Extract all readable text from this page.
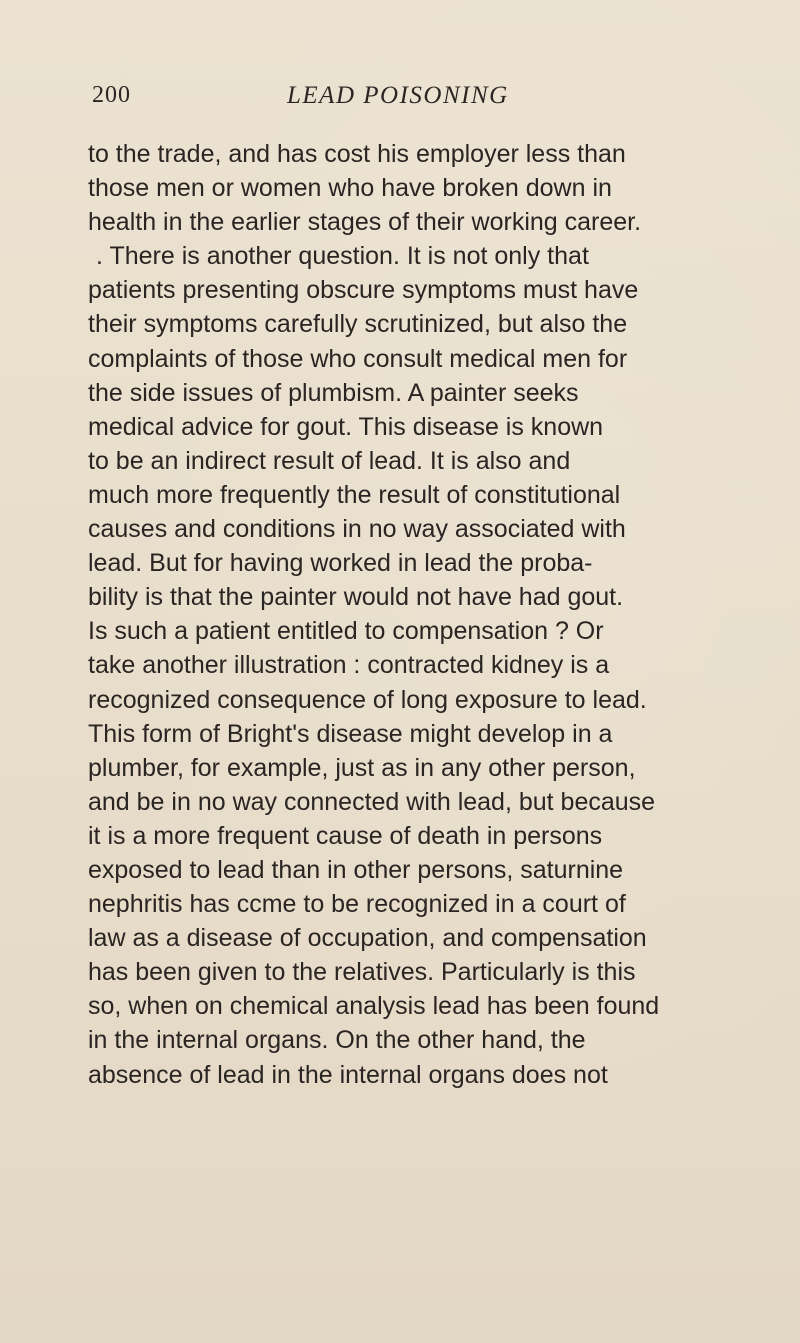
200	LEAD POISONING
to the trade, and has cost his employer less than
those men or women who have broken down in
health in the earlier stages of their working career.
. There is another question. It is not only that
patients presenting obscure symptoms must have
their symptoms carefully scrutinized, but also the
complaints of those who consult medical men for
the side issues of plumbism. A painter seeks
medical advice for gout. This disease is known
to be an indirect result of lead. It is also and
much more frequently the result of constitutional
causes and conditions in no way associated with
lead. But for having worked in lead the proba-
bility is that the painter would not have had gout.
Is such a patient entitled to compensation ? Or
take another illustration : contracted kidney is a
recognized consequence of long exposure to lead.
This form of Bright's disease might develop in a
plumber, for example, just as in any other person,
and be in no way connected with lead, but because
it is a more frequent cause of death in persons
exposed to lead than in other persons, saturnine
nephritis has ccme to be recognized in a court of
law as a disease of occupation, and compensation
has been given to the relatives. Particularly is this
so, when on chemical analysis lead has been found
in the internal organs. On the other hand, the
absence of lead in the internal organs does not
